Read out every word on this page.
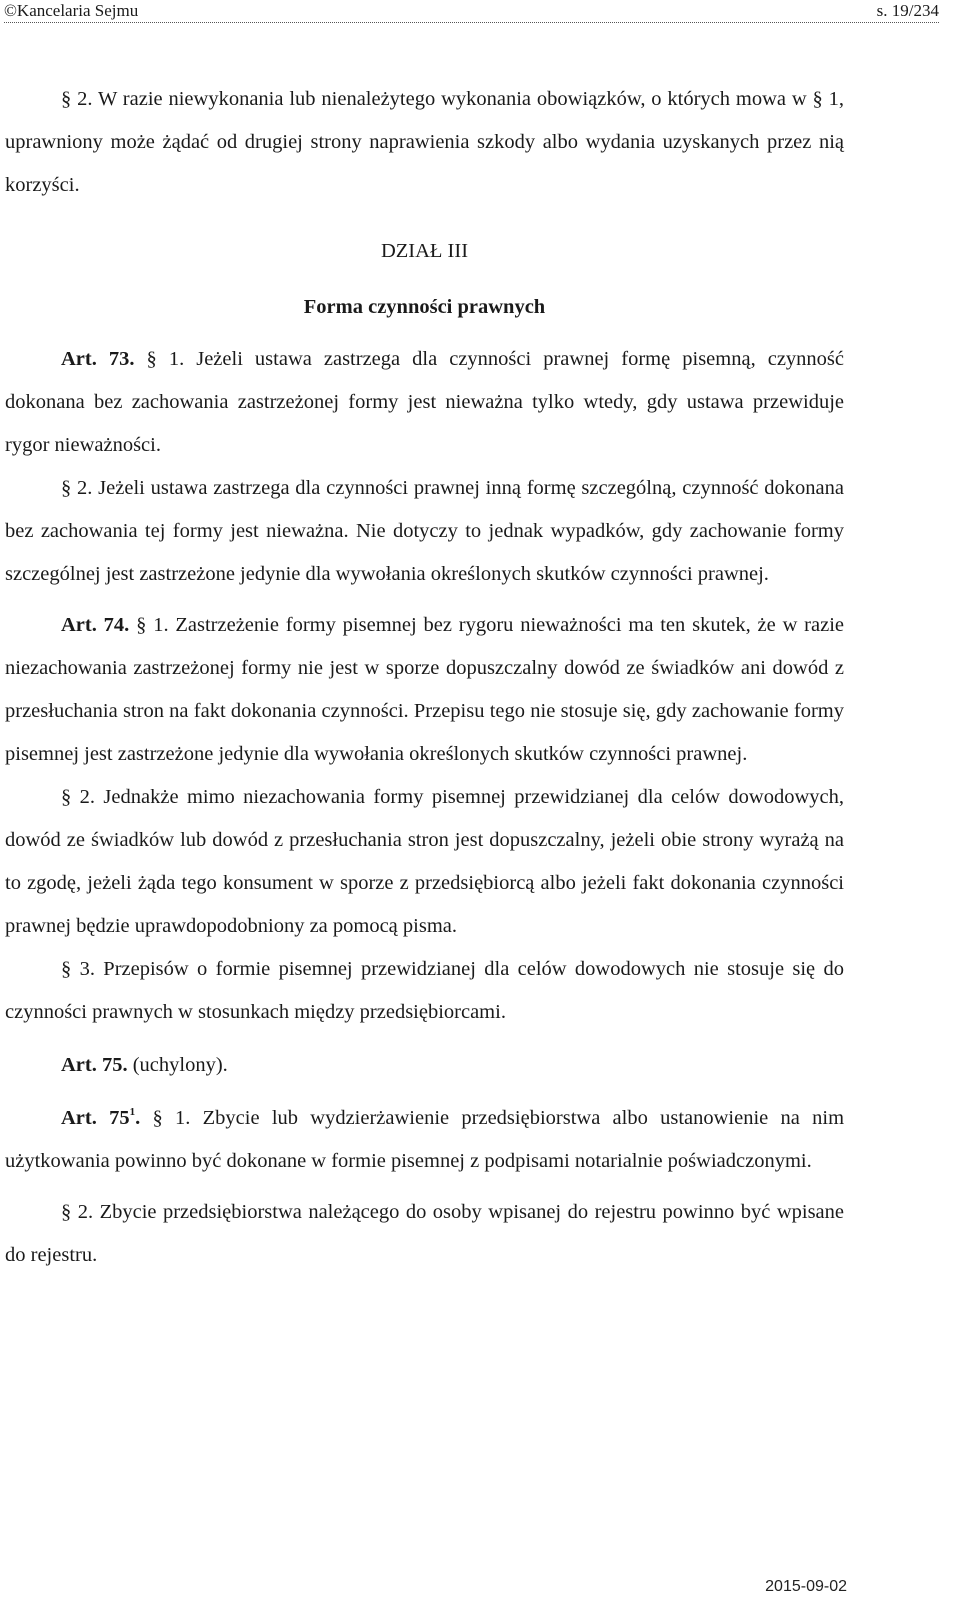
©Kancelaria Sejmu	s. 19/234

§ 2. W razie niewykonania lub nienależytego wykonania obowiązków, o których mowa w § 1, uprawniony może żądać od drugiej strony naprawienia szkody albo wydania uzyskanych przez nią korzyści.

DZIAŁ III

Forma czynności prawnych

Art. 73. § 1. Jeżeli ustawa zastrzega dla czynności prawnej formę pisemną, czynność dokonana bez zachowania zastrzeżonej formy jest nieważna tylko wtedy, gdy ustawa przewiduje rygor nieważności.

§ 2. Jeżeli ustawa zastrzega dla czynności prawnej inną formę szczególną, czynność dokonana bez zachowania tej formy jest nieważna. Nie dotyczy to jednak wypadków, gdy zachowanie formy szczególnej jest zastrzeżone jedynie dla wywołania określonych skutków czynności prawnej.

Art. 74. § 1. Zastrzeżenie formy pisemnej bez rygoru nieważności ma ten skutek, że w razie niezachowania zastrzeżonej formy nie jest w sporze dopuszczalny dowód ze świadków ani dowód z przesłuchania stron na fakt dokonania czynności. Przepisu tego nie stosuje się, gdy zachowanie formy pisemnej jest zastrzeżone jedynie dla wywołania określonych skutków czynności prawnej.

§ 2. Jednakże mimo niezachowania formy pisemnej przewidzianej dla celów dowodowych, dowód ze świadków lub dowód z przesłuchania stron jest dopuszczalny, jeżeli obie strony wyrażą na to zgodę, jeżeli żąda tego konsument w sporze z przedsiębiorcą albo jeżeli fakt dokonania czynności prawnej będzie uprawdopodobniony za pomocą pisma.

§ 3. Przepisów o formie pisemnej przewidzianej dla celów dowodowych nie stosuje się do czynności prawnych w stosunkach między przedsiębiorcami.

Art. 75. (uchylony).

Art. $75^1$. § 1. Zbycie lub wydzierżawienie przedsiębiorstwa albo ustanowienie na nim użytkowania powinno być dokonane w formie pisemnej z podpisami notarialnie poświadczonymi.

§ 2. Zbycie przedsiębiorstwa należącego do osoby wpisanej do rejestru powinno być wpisane do rejestru.

2015-09-02
